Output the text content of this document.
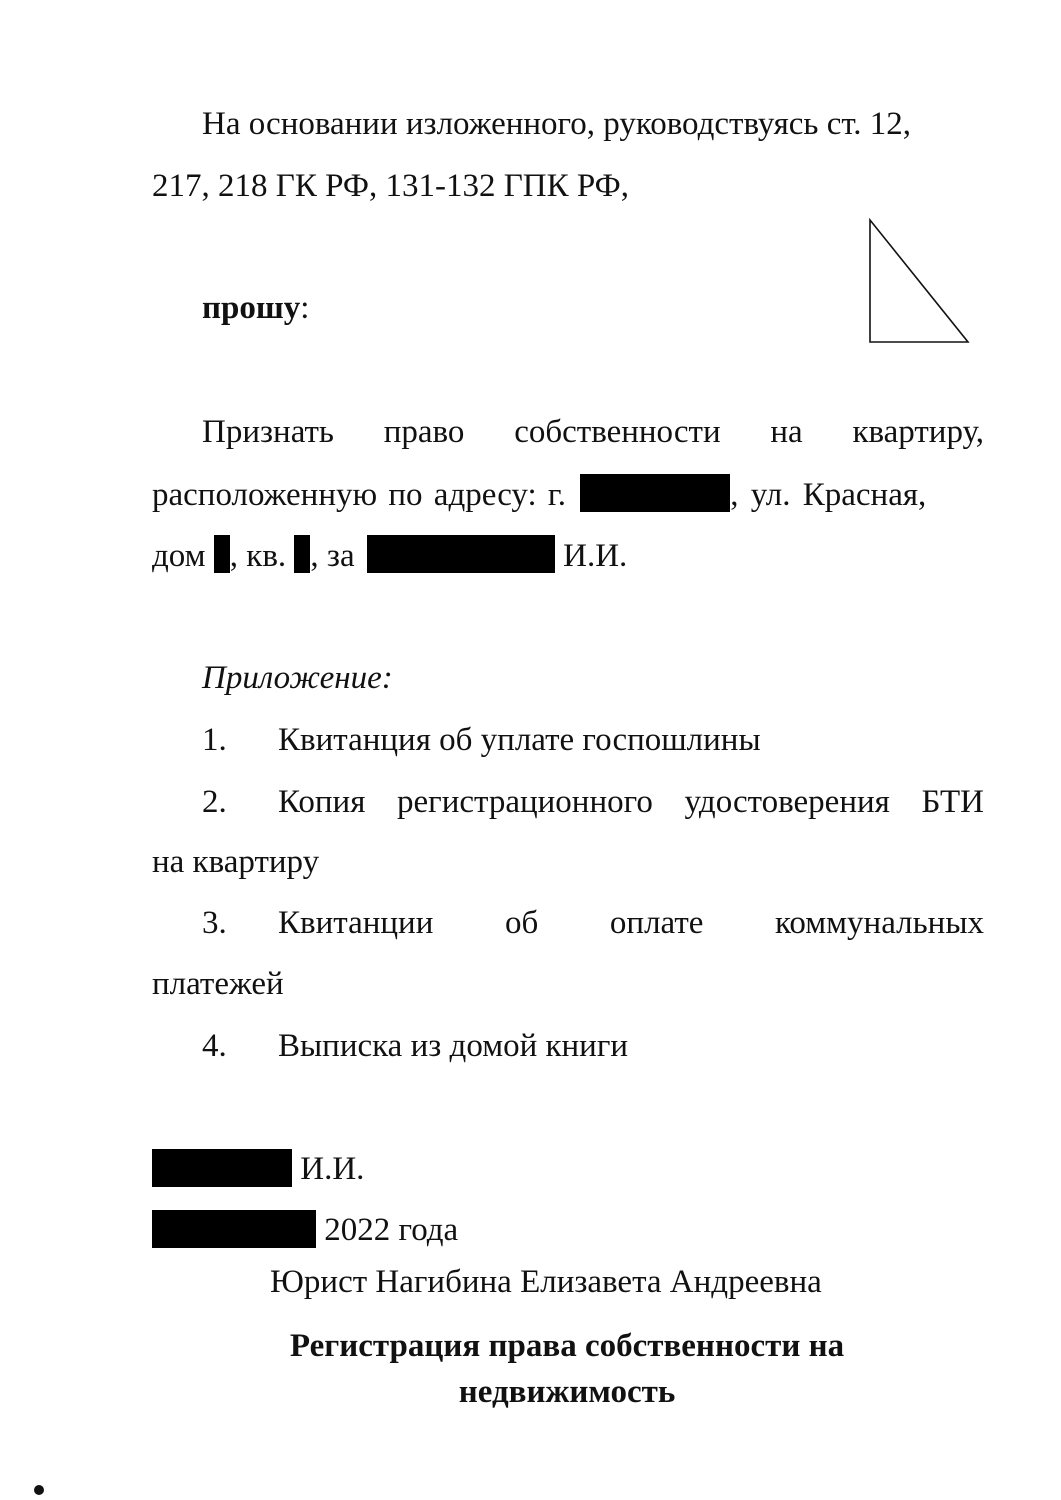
На основании изложенного, руководствуясь ст. 12,
217, 218 ГК РФ, 131-132 ГПК РФ,
прошу:
Признать право собственности на квартиру,
расположенную по адресу: г.	, ул. Красная,
дом , кв. , за	И.И.
Приложение:
1. Квитанция об уплате госпошлины
2. Копия регистрационного удостоверения БТИ
на квартиру
3. Квитанции об оплате коммунальных
платежей
4. Выписка из домой книги
И.И.
2022 года
Юрист Нагибина Елизавета Андреевна
Регистрация права собственности на
недвижимость
